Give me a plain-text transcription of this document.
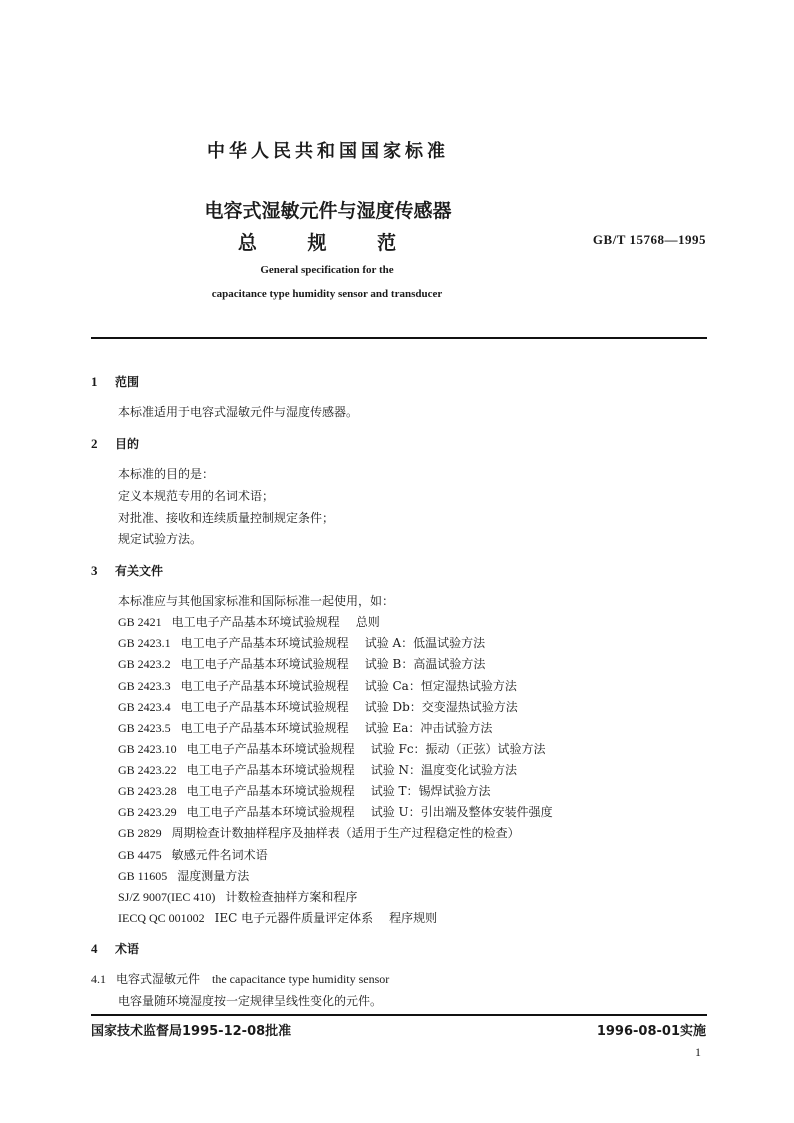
中华人民共和国国家标准
电容式湿敏元件与湿度传感器
总 规 范	GB/T 15768—1995
General specification for the
capacitance type humidity sensor and transducer
1 范围
本标准适用于电容式湿敏元件与湿度传感器。
2 目的
本标准的目的是：
定义本规范专用的名词术语；
对批准、接收和连续质量控制规定条件；
规定试验方法。
3 有关文件
本标准应与其他国家标准和国际标准一起使用，如：
GB 2421 电工电子产品基本环境试验规程 总则
GB 2423.1 电工电子产品基本环境试验规程 试验 A：低温试验方法
GB 2423.2 电工电子产品基本环境试验规程 试验 B：高温试验方法
GB 2423.3 电工电子产品基本环境试验规程 试验 Ca：恒定湿热试验方法
GB 2423.4 电工电子产品基本环境试验规程 试验 Db：交变湿热试验方法
GB 2423.5 电工电子产品基本环境试验规程 试验 Ea：冲击试验方法
GB 2423.10 电工电子产品基本环境试验规程 试验 Fc：振动（正弦）试验方法
GB 2423.22 电工电子产品基本环境试验规程 试验 N：温度变化试验方法
GB 2423.28 电工电子产品基本环境试验规程 试验 T：锡焊试验方法
GB 2423.29 电工电子产品基本环境试验规程 试验 U：引出端及整体安装件强度
GB 2829 周期检查计数抽样程序及抽样表（适用于生产过程稳定性的检查）
GB 4475 敏感元件名词术语
GB 11605 湿度测量方法
SJ/Z 9007(IEC 410) 计数检查抽样方案和程序
IECQ QC 001002 IEC 电子元器件质量评定体系 程序规则
4 术语
4.1 电容式湿敏元件 the capacitance type humidity sensor
电容量随环境湿度按一定规律呈线性变化的元件。
国家技术监督局1995-12-08批准	1996-08-01实施
1
